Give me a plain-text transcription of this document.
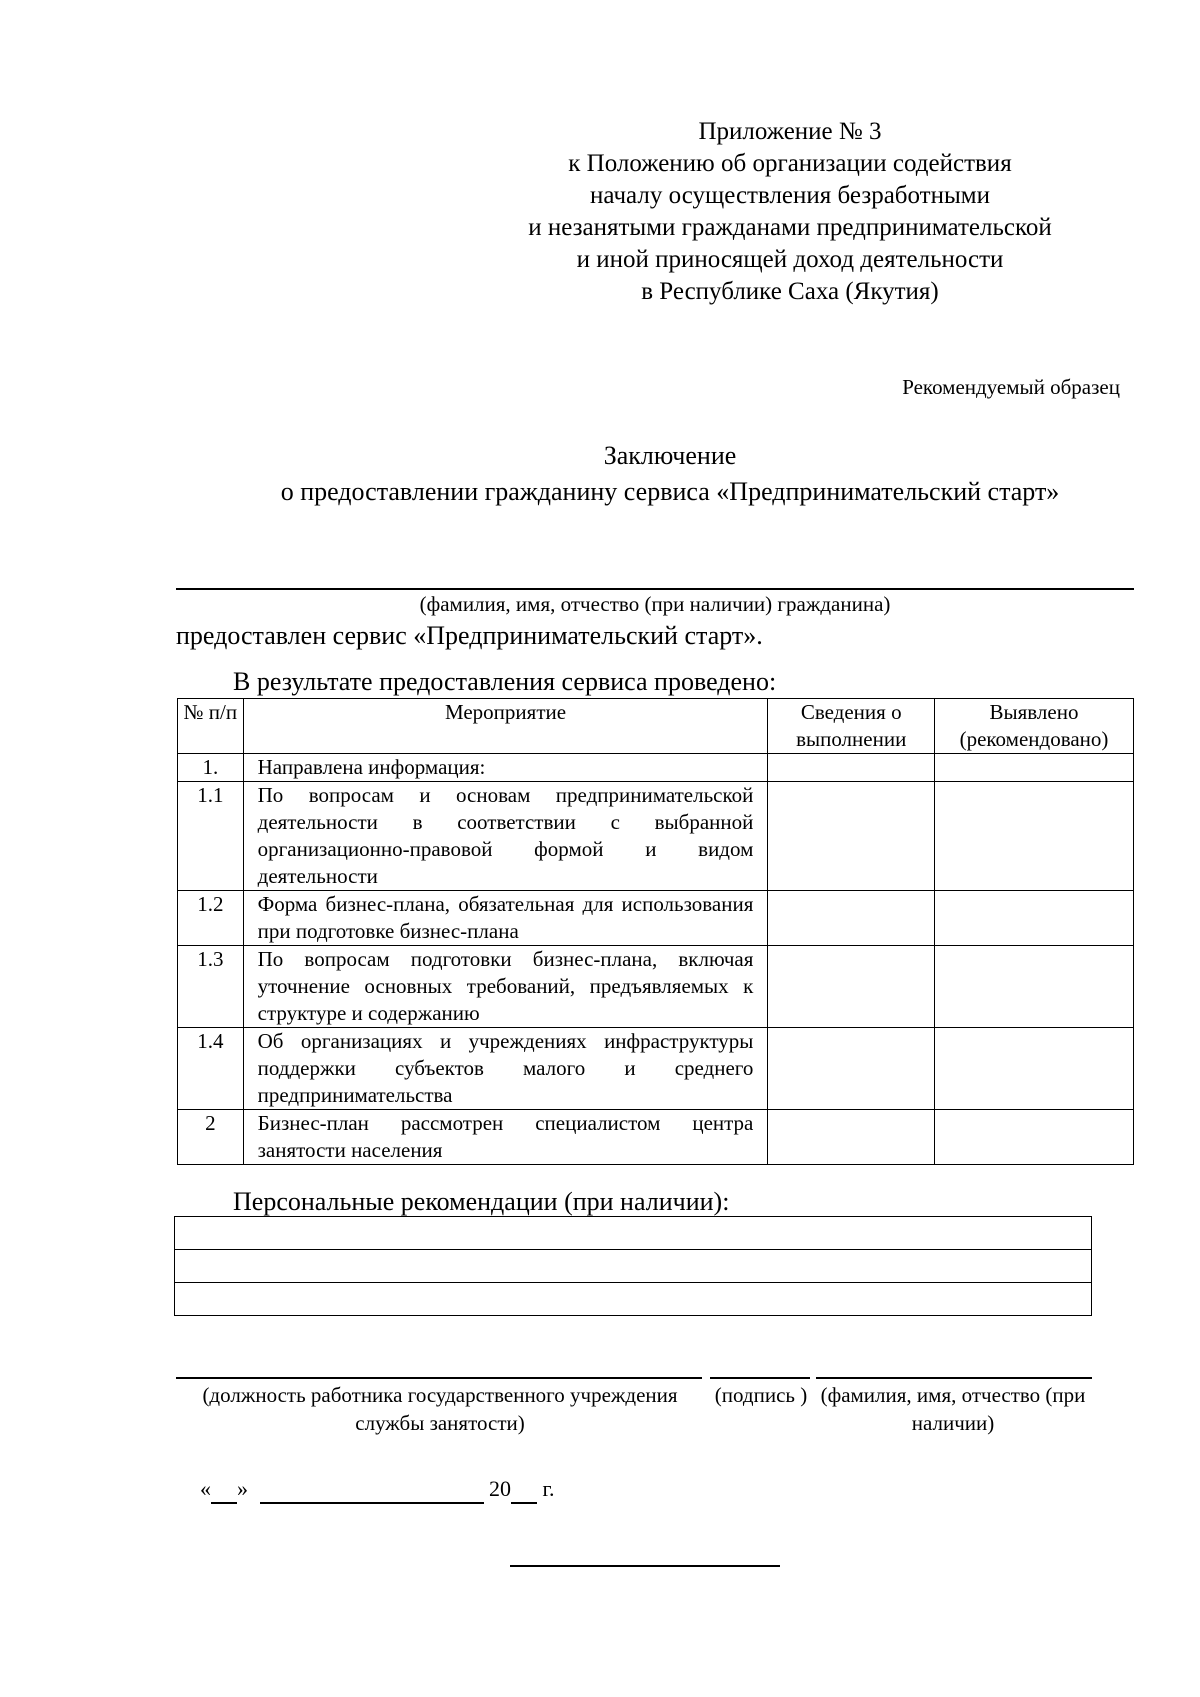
Приложение № 3
к Положению об организации содействия
началу осуществления безработными
и незанятыми гражданами предпринимательской
и иной приносящей доход деятельности
в Республике Саха (Якутия)
Рекомендуемый образец
Заключение
о предоставлении гражданину сервиса «Предпринимательский старт»
(фамилия, имя, отчество (при наличии) гражданина)
предоставлен сервис «Предпринимательский старт».
В результате предоставления сервиса проведено:
№ п/п	Мероприятие	Сведения о выполнении	Выявлено (рекомендовано)
1.	Направлена информация:		
1.1	По вопросам и основам предпринимательской деятельности в соответствии с выбранной организационно-правовой формой и видом деятельности		
1.2	Форма бизнес-плана, обязательная для использования при подготовке бизнес-плана		
1.3	По вопросам подготовки бизнес-плана, включая уточнение основных требований, предъявляемых к структуре и содержанию		
1.4	Об организациях и учреждениях инфраструктуры поддержки субъектов малого и среднего предпринимательства		
2	Бизнес-план рассмотрен специалистом центра занятости населения		
Персональные рекомендации (при наличии):

(должность работника государственного учреждения службы занятости)
(подпись ) (фамилия, имя, отчество (при наличии)
« »	20 г.
